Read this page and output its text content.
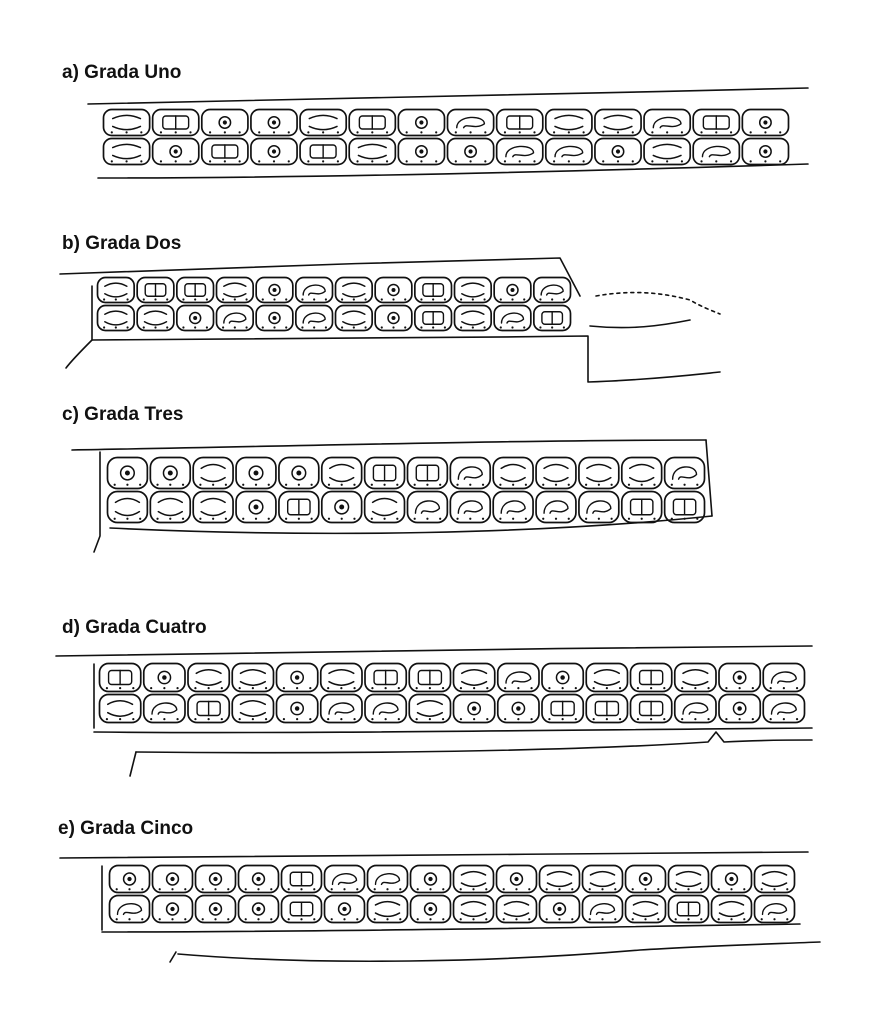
a) Grada Uno
b) Grada Dos
c) Grada Tres
d) Grada Cuatro
e) Grada Cinco
